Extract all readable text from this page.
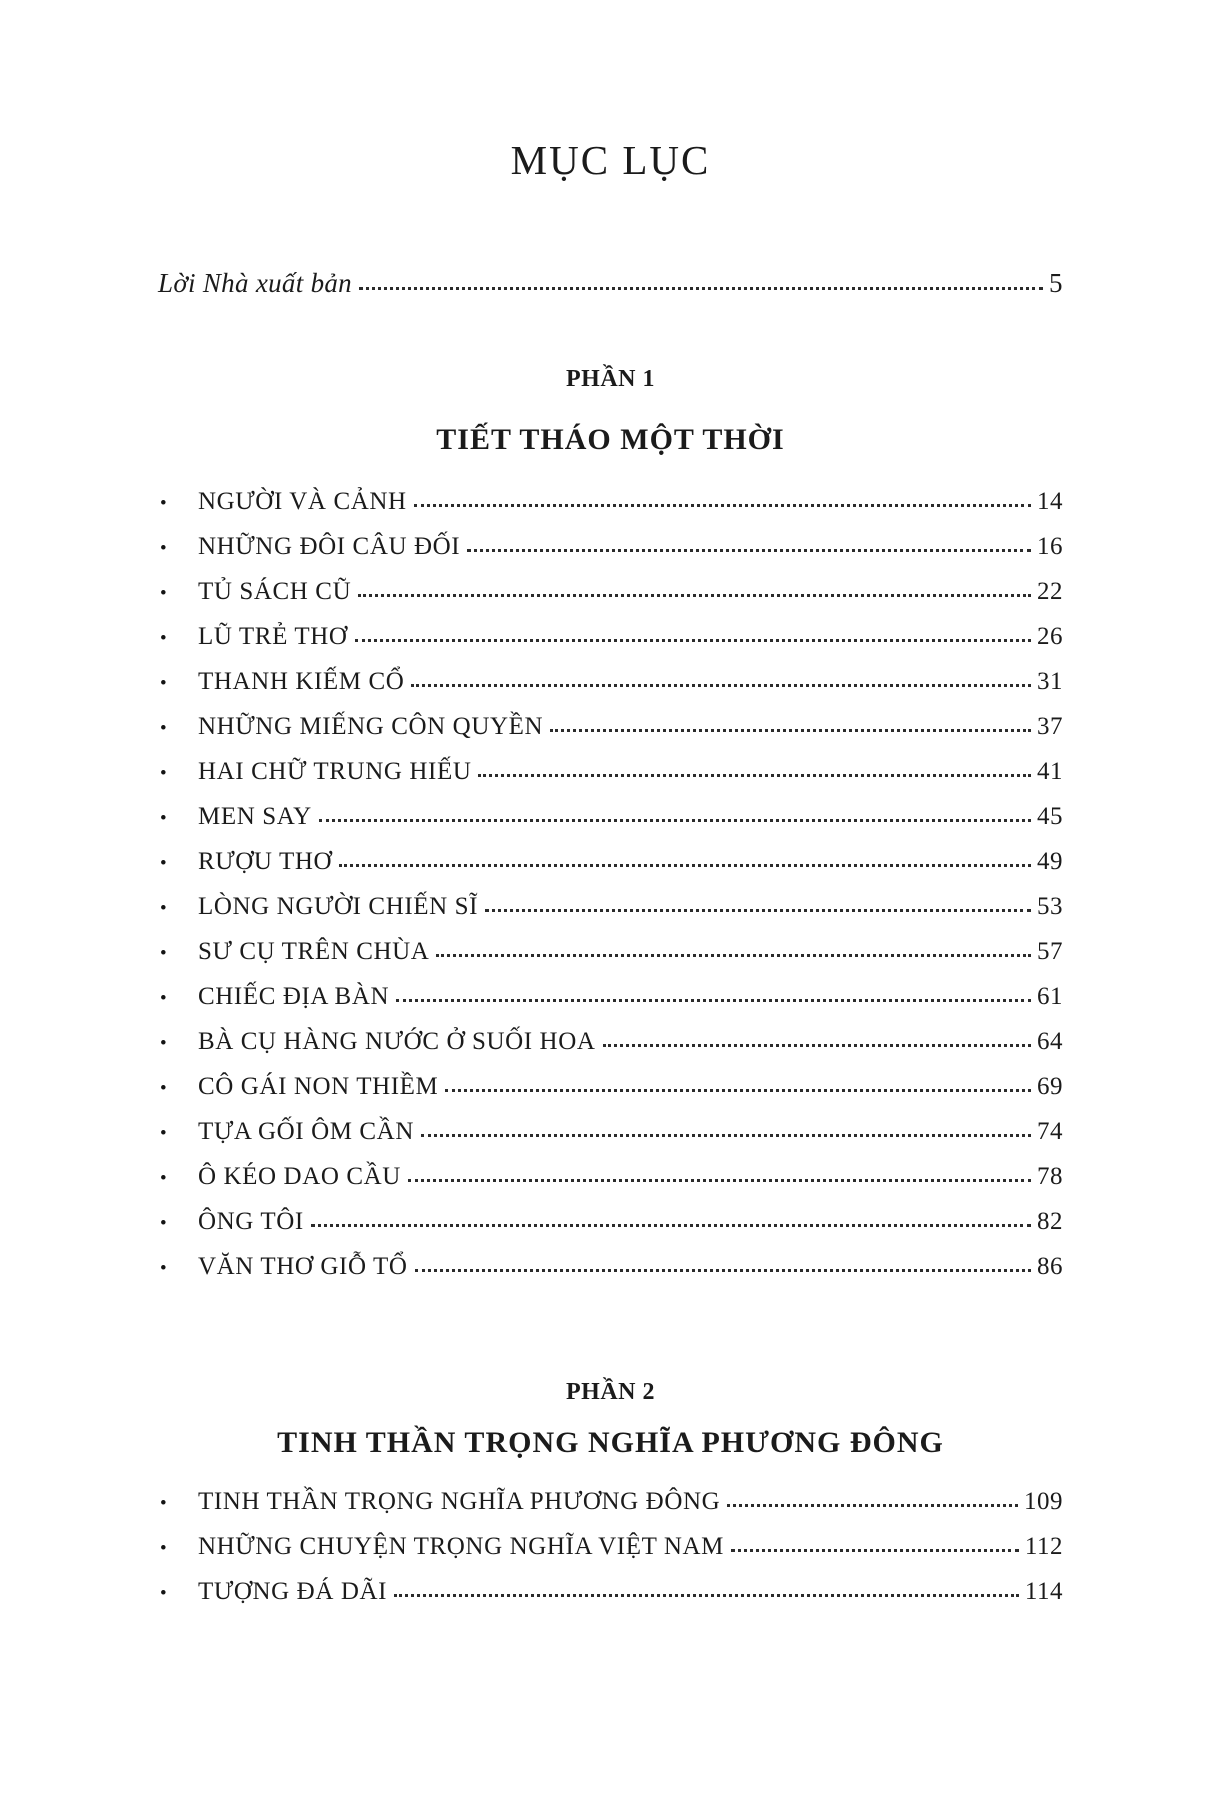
MỤC LỤC
Lời Nhà xuất bản	5
PHẦN 1
TIẾT THÁO MỘT THỜI
•	NGƯỜI VÀ CẢNH	14
•	NHỮNG ĐÔI CÂU ĐỐI	16
•	TỦ SÁCH CŨ	22
•	LŨ TRẺ THƠ	26
•	THANH KIẾM CỔ	31
•	NHỮNG MIẾNG CÔN QUYỀN	37
•	HAI CHỮ TRUNG HIẾU	41
•	MEN SAY	45
•	RƯỢU THƠ	49
•	LÒNG NGƯỜI CHIẾN SĨ	53
•	SƯ CỤ TRÊN CHÙA	57
•	CHIẾC ĐỊA BÀN	61
•	BÀ CỤ HÀNG NƯỚC Ở SUỐI HOA	64
•	CÔ GÁI NON THIỀM	69
•	TỰA GỐI ÔM CẦN	74
•	Ô KÉO DAO CẦU	78
•	ÔNG TÔI	82
•	VĂN THƠ GIỖ TỔ	86
PHẦN 2
TINH THẦN TRỌNG NGHĨA PHƯƠNG ĐÔNG
•	TINH THẦN TRỌNG NGHĨA PHƯƠNG ĐÔNG	109
•	NHỮNG CHUYỆN TRỌNG NGHĨA VIỆT NAM	112
•	TƯỢNG ĐÁ DÃI	114
